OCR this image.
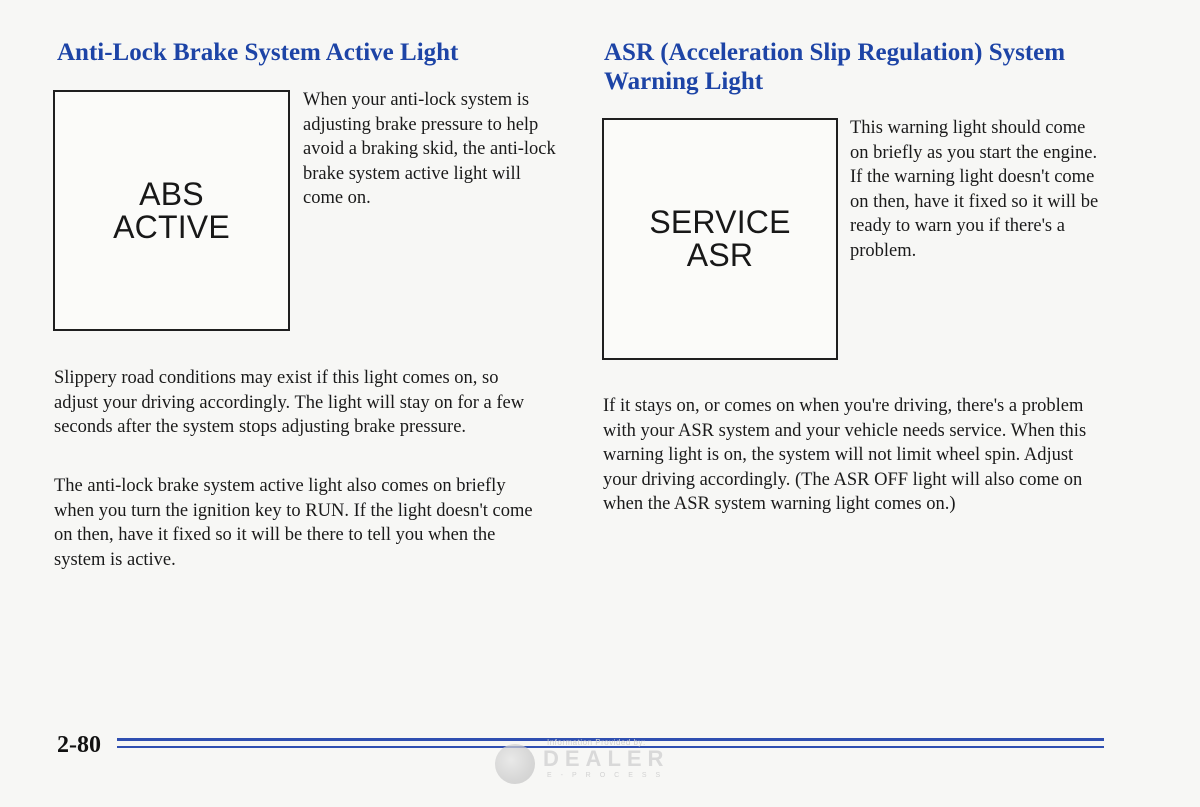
Anti-Lock Brake System Active Light
ABS
ACTIVE
When your anti-lock system is adjusting brake pressure to help avoid a braking skid, the anti-lock brake system active light will come on.

Slippery road conditions may exist if this light comes on, so adjust your driving accordingly. The light will stay on for a few seconds after the system stops adjusting brake pressure.

The anti-lock brake system active light also comes on briefly when you turn the ignition key to RUN. If the light doesn't come on then, have it fixed so it will be there to tell you when the system is active.

ASR (Acceleration Slip Regulation) System Warning Light
SERVICE
ASR
This warning light should come on briefly as you start the engine. If the warning light doesn't come on then, have it fixed so it will be ready to warn you if there's a problem.

If it stays on, or comes on when you're driving, there's a problem with your ASR system and your vehicle needs service. When this warning light is on, the system will not limit wheel spin. Adjust your driving accordingly. (The ASR OFF light will also come on when the ASR system warning light comes on.)

2-80	Information Provided by:
DEALER
E-PROCESS
